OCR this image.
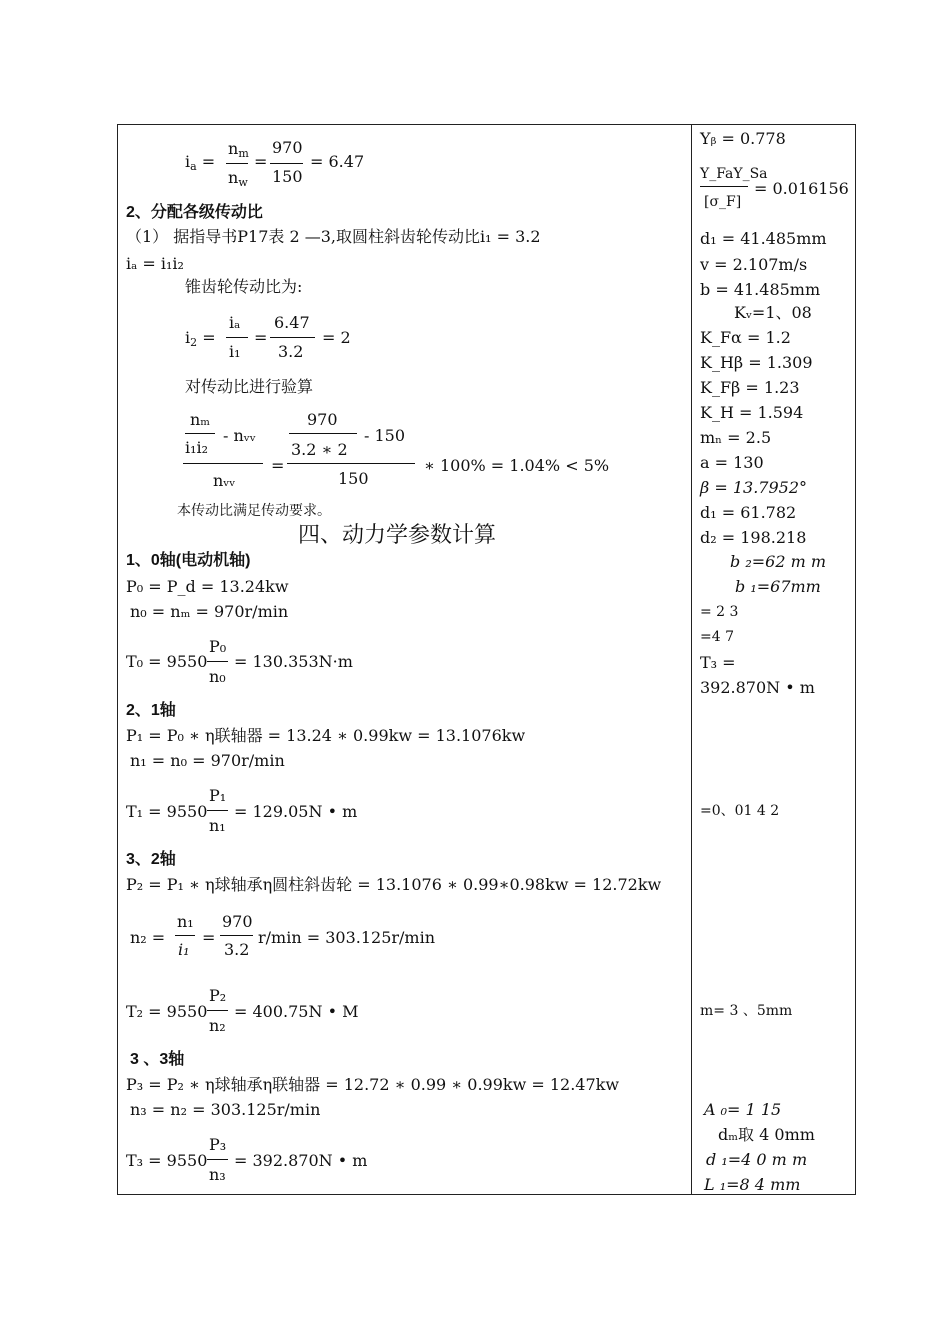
$i_a$ =
$n_m$
$n_w$
=
970
150
= 6.47
2、分配各级传动比
（1） 据指导书P17表 2 —3,取圆柱斜齿轮传动比i₁ = 3.2
iₐ = i₁i₂
锥齿轮传动比为:
$i_2$ =
iₐ
i₁
=
6.47
3.2
= 2
对传动比进行验算
nₘ
i₁i₂
- nᵥᵥ
nᵥᵥ
=
970
3.2 ∗ 2
- 150
150
∗ 100% = 1.04% < 5%
本传动比满足传动要求。
四、动力学参数计算
1、0轴(电动机轴)
P₀ = P_d = 13.24kw
n₀ = nₘ = 970r/min
T₀ = 9550
P₀
n₀
= 130.353N·m
2、1轴
P₁ = P₀ ∗ η联轴器 = 13.24 ∗ 0.99kw = 13.1076kw
n₁ = n₀ = 970r/min
T₁ = 9550
P₁
n₁
= 129.05N • m
3、2轴
P₂ = P₁ ∗ η球轴承η圆柱斜齿轮 = 13.1076 ∗ 0.99∗0.98kw = 12.72kw
n₂ =
n₁
i₁
=
970
3.2
r/min = 303.125r/min
T₂ = 9550
P₂
n₂
= 400.75N • M
3 、3轴
P₃ = P₂ ∗ η球轴承η联轴器 = 12.72 ∗ 0.99 ∗ 0.99kw = 12.47kw
n₃ = n₂ = 303.125r/min
T₃ = 9550
P₃
n₃
= 392.870N • m
Yᵦ = 0.778
Y_FaY_Sa
[σ_F]
= 0.016156
d₁ = 41.485mm
v = 2.107m/s
b = 41.485mm
Kᵥ=1、08
K_Fα = 1.2
K_Hβ = 1.309
K_Fβ = 1.23
K_H = 1.594
mₙ = 2.5
a = 130
β = 13.7952°
d₁ = 61.782
d₂ = 198.218
b ₂=62 m m
b ₁=67mm
= 2 3
=4 7
T₃ =
392.870N • m
=0、01 4 2
m= 3 、5mm
A ₀= 1 15
dₘ取 4 0mm
d ₁=4 0 m m
L ₁=8 4 mm
